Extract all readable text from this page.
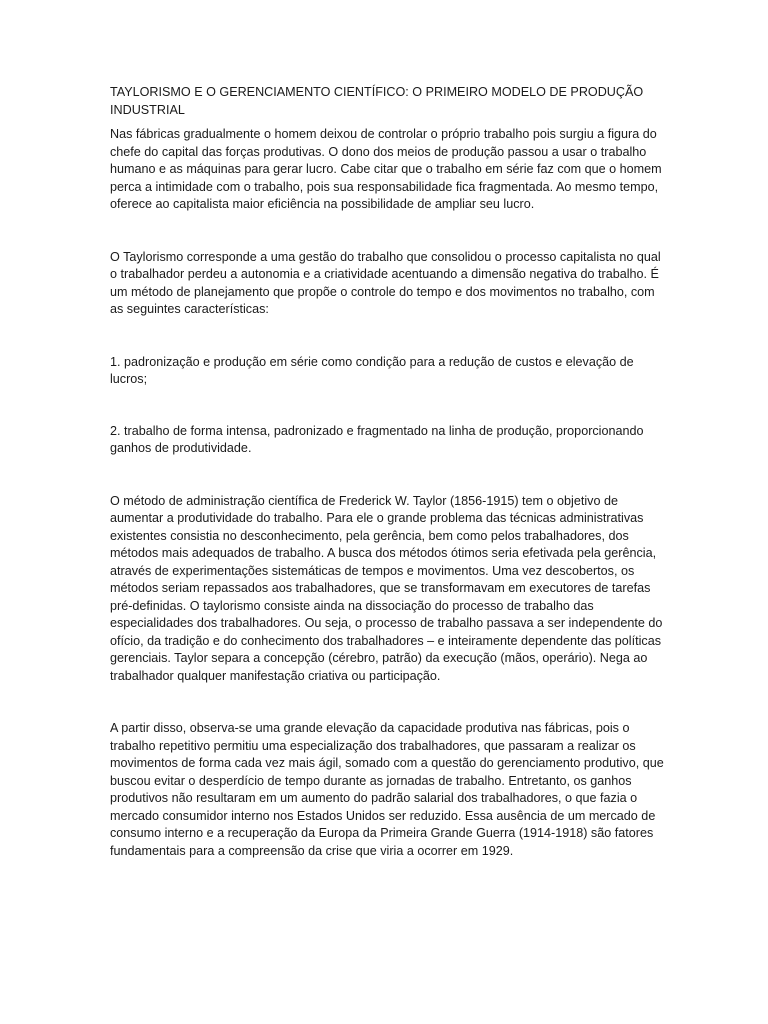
TAYLORISMO E O GERENCIAMENTO CIENTÍFICO: O PRIMEIRO MODELO DE PRODUÇÃO INDUSTRIAL

Nas fábricas gradualmente o homem deixou de controlar o próprio trabalho pois surgiu a figura do chefe do capital das forças produtivas. O dono dos meios de produção passou a usar o trabalho humano e as máquinas para gerar lucro. Cabe citar que o trabalho em série faz com que o homem perca a intimidade com o trabalho, pois sua responsabilidade fica fragmentada. Ao mesmo tempo, oferece ao capitalista maior eficiência na possibilidade de ampliar seu lucro.

O Taylorismo corresponde a uma gestão do trabalho que consolidou o processo capitalista no qual o trabalhador perdeu a autonomia e a criatividade acentuando a dimensão negativa do trabalho. É um método de planejamento que propõe o controle do tempo e dos movimentos no trabalho, com as seguintes características:

1. padronização e produção em série como condição para a redução de custos e elevação de lucros;

2. trabalho de forma intensa, padronizado e fragmentado na linha de produção, proporcionando ganhos de produtividade.

O método de administração científica de Frederick W. Taylor (1856-1915) tem o objetivo de aumentar a produtividade do trabalho. Para ele o grande problema das técnicas administrativas existentes consistia no desconhecimento, pela gerência, bem como pelos trabalhadores, dos métodos mais adequados de trabalho. A busca dos métodos ótimos seria efetivada pela gerência, através de experimentações sistemáticas de tempos e movimentos. Uma vez descobertos, os métodos seriam repassados aos trabalhadores, que se transformavam em executores de tarefas pré-definidas. O taylorismo consiste ainda na dissociação do processo de trabalho das especialidades dos trabalhadores. Ou seja, o processo de trabalho passava a ser independente do ofício, da tradição e do conhecimento dos trabalhadores – e inteiramente dependente das políticas gerenciais. Taylor separa a concepção (cérebro, patrão) da execução (mãos, operário). Nega ao trabalhador qualquer manifestação criativa ou participação.

A partir disso, observa-se uma grande elevação da capacidade produtiva nas fábricas, pois o trabalho repetitivo permitiu uma especialização dos trabalhadores, que passaram a realizar os movimentos de forma cada vez mais ágil, somado com a questão do gerenciamento produtivo, que buscou evitar o desperdício de tempo durante as jornadas de trabalho. Entretanto, os ganhos produtivos não resultaram em um aumento do padrão salarial dos trabalhadores, o que fazia o mercado consumidor interno nos Estados Unidos ser reduzido. Essa ausência de um mercado de consumo interno e a recuperação da Europa da Primeira Grande Guerra (1914-1918) são fatores fundamentais para a compreensão da crise que viria a ocorrer em 1929.
